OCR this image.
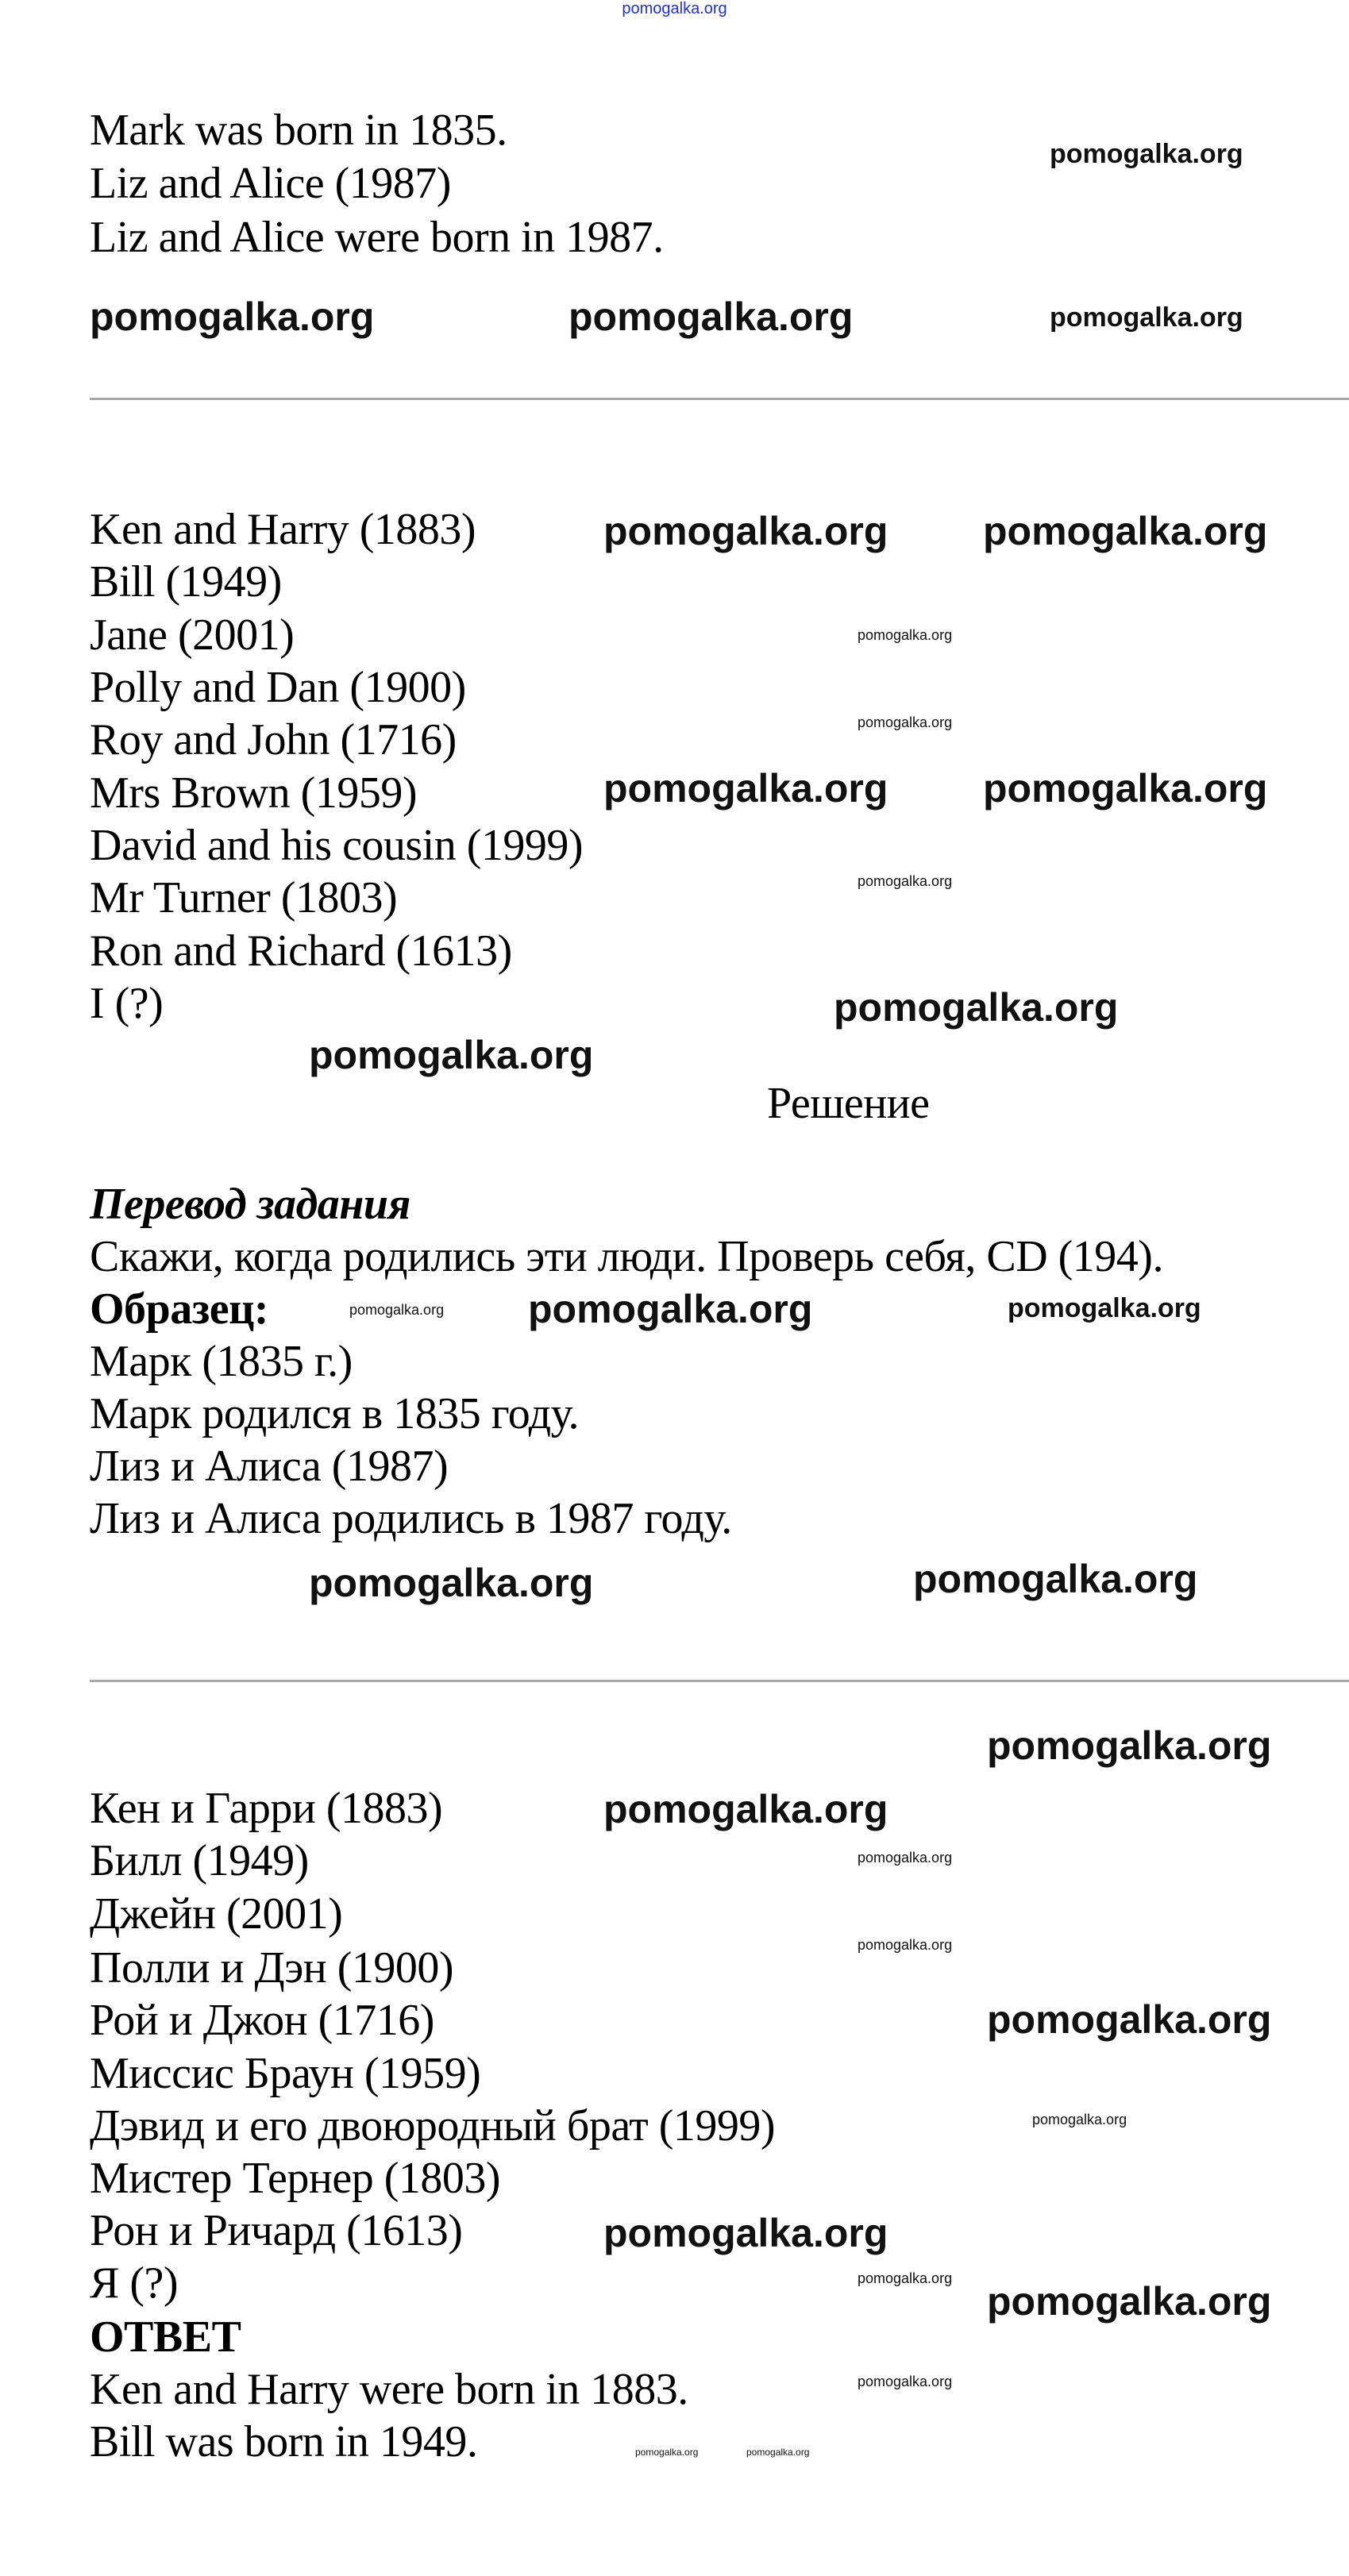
pomogalka.org
Mark was born in 1835.
Liz and Alice (1987)
Liz and Alice were born in 1987.
Ken and Harry (1883)
Bill (1949)
Jane (2001)
Polly and Dan (1900)
Roy and John (1716)
Mrs Brown (1959)
David and his cousin (1999)
Mr Turner (1803)
Ron and Richard (1613)
I (?)
Решение
Перевод задания
Скажи, когда родились эти люди. Проверь себя, CD (194).
Образец:
Марк (1835 г.)
Марк родился в 1835 году.
Лиз и Алиса (1987)
Лиз и Алиса родились в 1987 году.
Кен и Гарри (1883)
Билл (1949)
Джейн (2001)
Полли и Дэн (1900)
Рой и Джон (1716)
Миссис Браун (1959)
Дэвид и его двоюродный брат (1999)
Мистер Тернер (1803)
Рон и Ричард (1613)
Я (?)
ОТВЕТ
Ken and Harry were born in 1883.
Bill was born in 1949.
pomogalka.org	pomogalka.org
pomogalka.org pomogalka.org
pomogalka.org pomogalka.org
pomogalka.org
pomogalka.org
pomogalka.org
pomogalka.org
pomogalka.org
pomogalka.org
pomogalka.org
pomogalka.org
pomogalka.org
pomogalka.org
pomogalka.org
pomogalka.org
pomogalka.org
pomogalka.org
pomogalka.org
pomogalka.org
pomogalka.org
pomogalka.org
pomogalka.org
pomogalka.org
pomogalka.org
pomogalka.org
pomogalka.org	pomogalka.org
